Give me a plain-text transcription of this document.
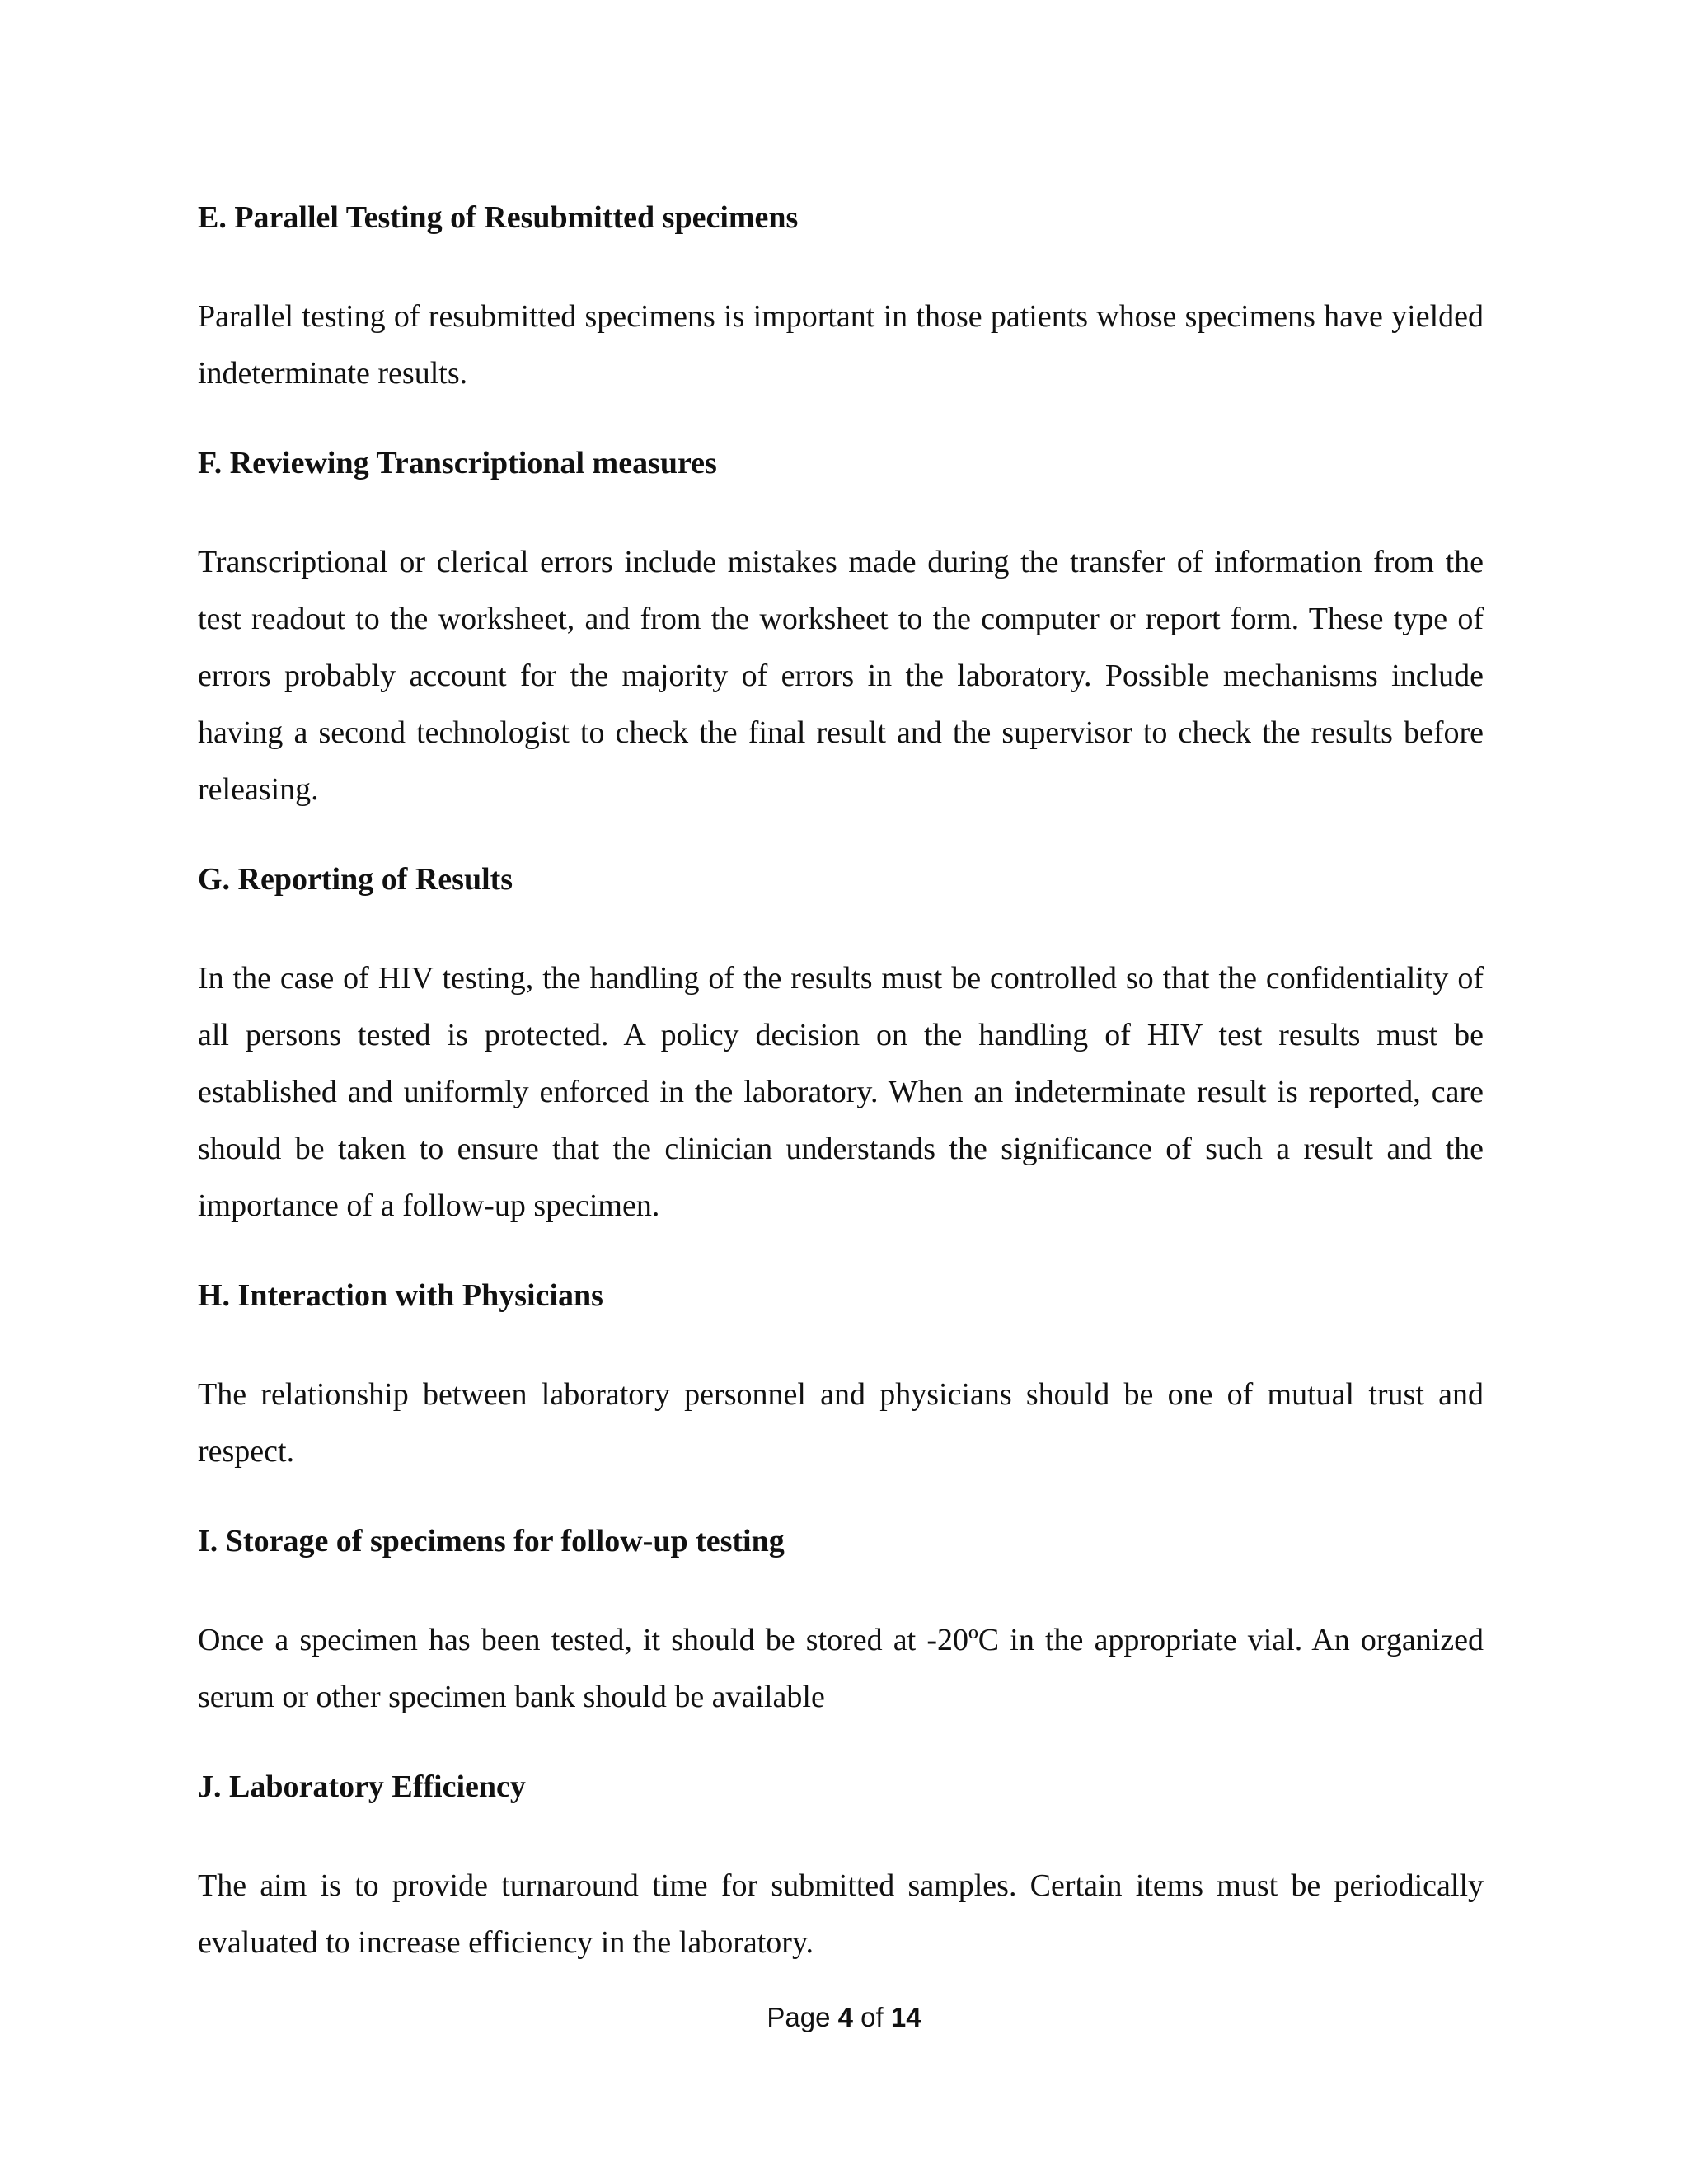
E. Parallel Testing of Resubmitted specimens

Parallel testing of resubmitted specimens is important in those patients whose specimens have yielded indeterminate results.

F. Reviewing Transcriptional measures

Transcriptional or clerical errors include mistakes made during the transfer of information from the test readout to the worksheet, and from the worksheet to the computer or report form. These type of errors probably account for the majority of errors in the laboratory. Possible mechanisms include having a second technologist to check the final result and the supervisor to check the results before releasing.

G. Reporting of Results

In the case of HIV testing, the handling of the results must be controlled so that the confidentiality of all persons tested is protected. A policy decision on the handling of HIV test results must be established and uniformly enforced in the laboratory. When an indeterminate result is reported, care should be taken to ensure that the clinician understands the significance of such a result and the importance of a follow-up specimen.

H. Interaction with Physicians

The relationship between laboratory personnel and physicians should be one of mutual trust and respect.

I. Storage of specimens for follow-up testing

Once a specimen has been tested, it should be stored at -20ºC in the appropriate vial. An organized serum or other specimen bank should be available

J. Laboratory Efficiency

The aim is to provide turnaround time for submitted samples. Certain items must be periodically evaluated to increase efficiency in the laboratory.

Page 4 of 14
